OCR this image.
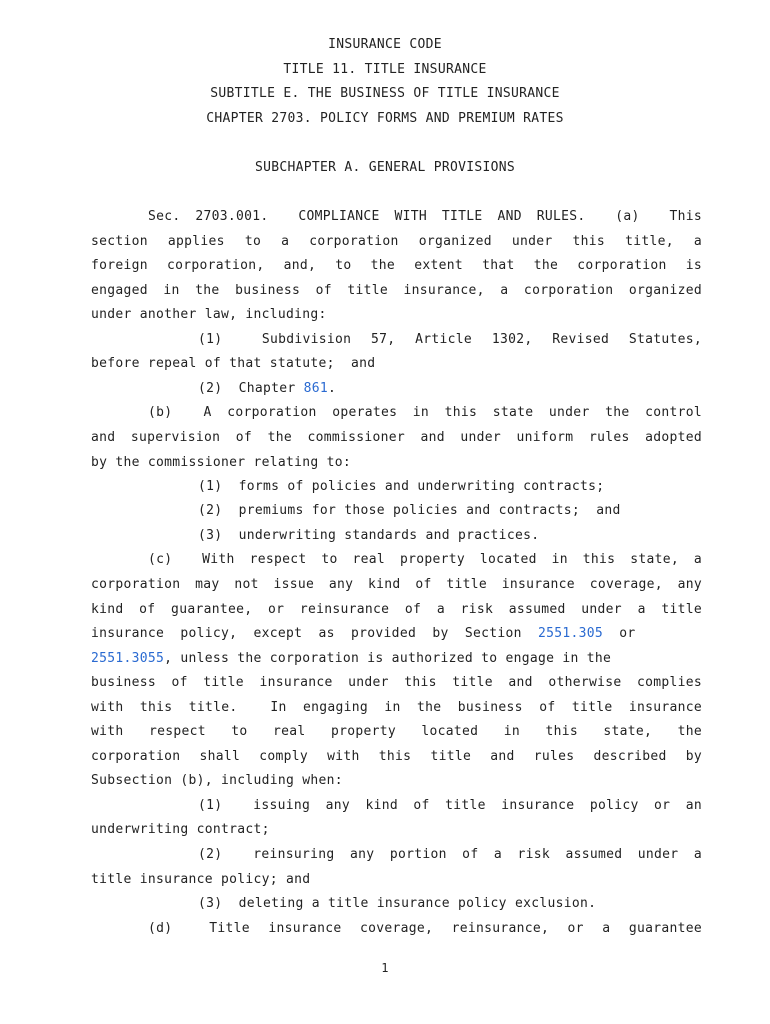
INSURANCE CODE
TITLE 11. TITLE INSURANCE
SUBTITLE E. THE BUSINESS OF TITLE INSURANCE
CHAPTER 2703. POLICY FORMS AND PREMIUM RATES
SUBCHAPTER A. GENERAL PROVISIONS
Sec. 2703.001.  COMPLIANCE WITH TITLE AND RULES.  (a)  This
section applies to a corporation organized under this title, a
foreign corporation, and, to the extent that the corporation is
engaged in the business of title insurance, a corporation organized
under another law, including:
(1)  Subdivision 57, Article 1302, Revised Statutes,
before repeal of that statute;  and
(2)  Chapter 861.
(b)  A corporation operates in this state under the control
and supervision of the commissioner and under uniform rules adopted
by the commissioner relating to:
(1)  forms of policies and underwriting contracts;
(2)  premiums for those policies and contracts;  and
(3)  underwriting standards and practices.
(c)  With respect to real property located in this state, a
corporation may not issue any kind of title insurance coverage, any
kind of guarantee, or reinsurance of a risk assumed under a title
insurance  policy,  except  as  provided  by  Section  2551.305  or
2551.3055, unless the corporation is authorized to engage in the
business of title insurance under this title and otherwise complies
with this title.  In engaging in the business of title insurance
with  respect  to  real  property  located  in  this  state,  the
corporation shall comply with this title and rules described by
Subsection (b), including when:
(1)  issuing any kind of title insurance policy or an
underwriting contract;
(2)  reinsuring any portion of a risk assumed under a
title insurance policy; and
(3)  deleting a title insurance policy exclusion.
(d)  Title insurance coverage, reinsurance, or a guarantee
1
